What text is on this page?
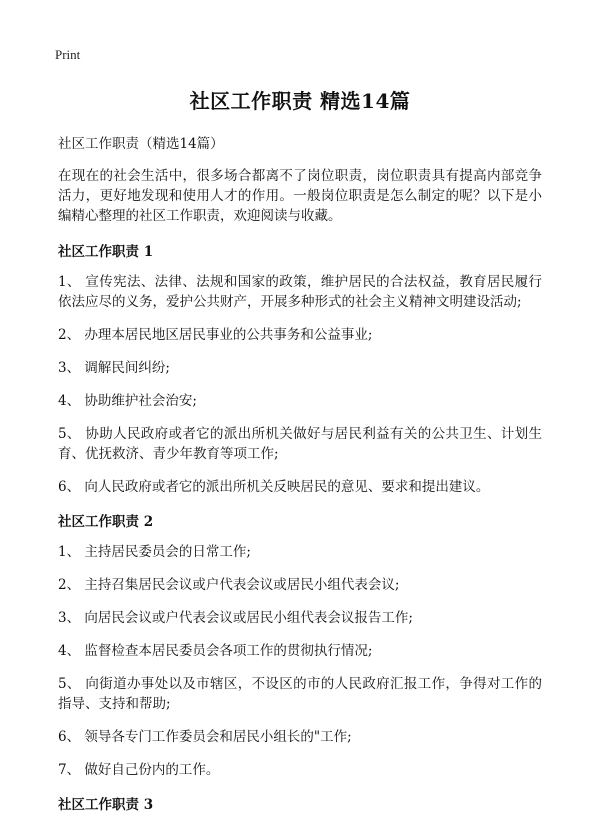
Print
社区工作职责 精选14篇
社区工作职责（精选14篇）
在现在的社会生活中，很多场合都离不了岗位职责，岗位职责具有提高内部竞争活力，更好地发现和使用人才的作用。一般岗位职责是怎么制定的呢？以下是小编精心整理的社区工作职责，欢迎阅读与收藏。
社区工作职责 1
1、 宣传宪法、法律、法规和国家的政策，维护居民的合法权益，教育居民履行依法应尽的义务，爱护公共财产，开展多种形式的社会主义精神文明建设活动;
2、 办理本居民地区居民事业的公共事务和公益事业;
3、 调解民间纠纷;
4、 协助维护社会治安;
5、 协助人民政府或者它的派出所机关做好与居民利益有关的公共卫生、计划生育、优抚救济、青少年教育等项工作;
6、 向人民政府或者它的派出所机关反映居民的意见、要求和提出建议。
社区工作职责 2
1、 主持居民委员会的日常工作;
2、 主持召集居民会议或户代表会议或居民小组代表会议;
3、 向居民会议或户代表会议或居民小组代表会议报告工作;
4、 监督检查本居民委员会各项工作的贯彻执行情况;
5、 向街道办事处以及市辖区，不设区的市的人民政府汇报工作，争得对工作的指导、支持和帮助;
6、 领导各专门工作委员会和居民小组长的"工作;
7、 做好自己份内的工作。
社区工作职责 3
